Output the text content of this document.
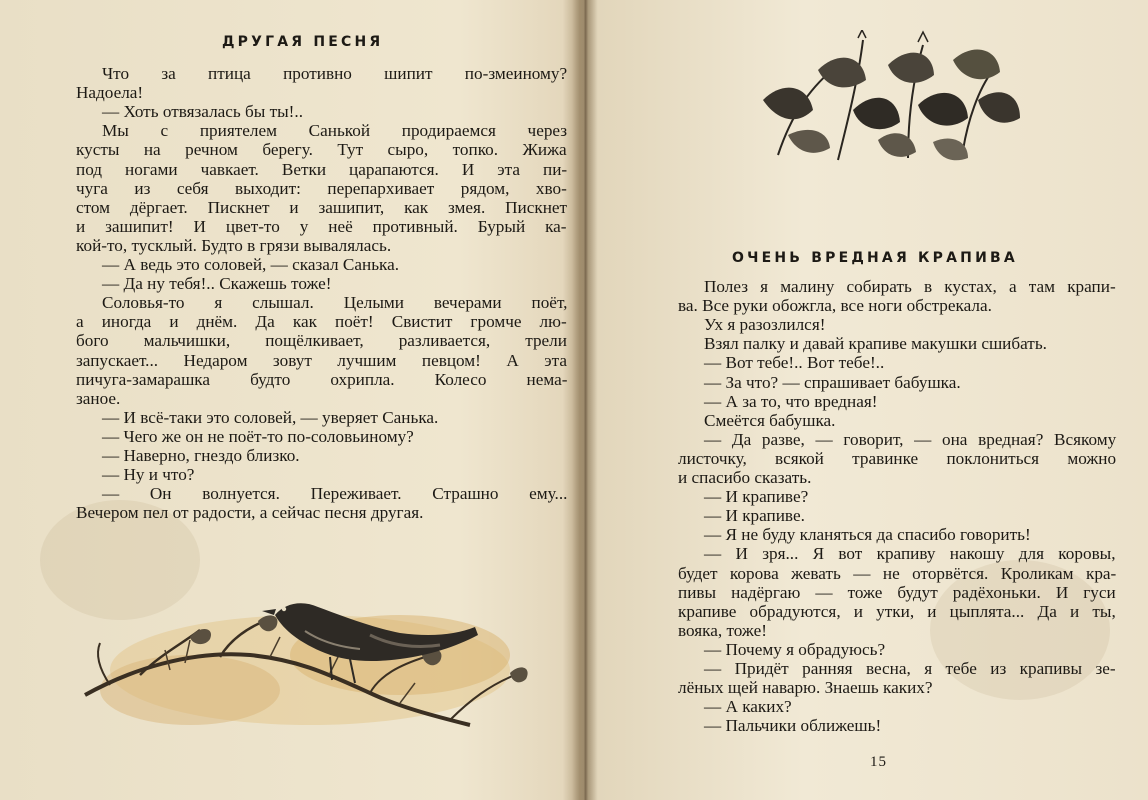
ДРУГАЯ ПЕСНЯ
Что за птица противно шипит по-змеиному?
Надоела!
— Хоть отвязалась бы ты!..
Мы с приятелем Санькой продираемся через
кусты на речном берегу. Тут сыро, топко. Жижа
под ногами чавкает. Ветки царапаются. И эта пи-
чуга из себя выходит: перепархивает рядом, хво-
стом дёргает. Пискнет и зашипит, как змея. Пискнет
и зашипит! И цвет-то у неё противный. Бурый ка-
кой-то, тусклый. Будто в грязи вывалялась.
— А ведь это соловей, — сказал Санька.
— Да ну тебя!.. Скажешь тоже!
Соловья-то я слышал. Целыми вечерами поёт,
а иногда и днём. Да как поёт! Свистит громче лю-
бого мальчишки, пощёлкивает, разливается, трели
запускает... Недаром зовут лучшим певцом! А эта
пичуга-замарашка будто охрипла. Колесо нема-
заное.
— И всё-таки это соловей, — уверяет Санька.
— Чего же он не поёт-то по-соловьиному?
— Наверно, гнездо близко.
— Ну и что?
— Он волнуется. Переживает. Страшно ему...
Вечером пел от радости, а сейчас песня другая.
ОЧЕНЬ ВРЕДНАЯ КРАПИВА
Полез я малину собирать в кустах, а там крапи-
ва. Все руки обожгла, все ноги обстрекала.
Ух я разозлился!
Взял палку и давай крапиве макушки сшибать.
— Вот тебе!.. Вот тебе!..
— За что? — спрашивает бабушка.
— А за то, что вредная!
Смеётся бабушка.
— Да разве, — говорит, — она вредная? Всякому
листочку, всякой травинке поклониться можно
и спасибо сказать.
— И крапиве?
— И крапиве.
— Я не буду кланяться да спасибо говорить!
— И зря... Я вот крапиву накошу для коровы,
будет корова жевать — не оторвётся. Кроликам кра-
пивы надёргаю — тоже будут радёхоньки. И гуси
крапиве обрадуются, и утки, и цыплята... Да и ты,
вояка, тоже!
— Почему я обрадуюсь?
— Придёт ранняя весна, я тебе из крапивы зе-
лёных щей наварю. Знаешь каких?
— А каких?
— Пальчики оближешь!
15
